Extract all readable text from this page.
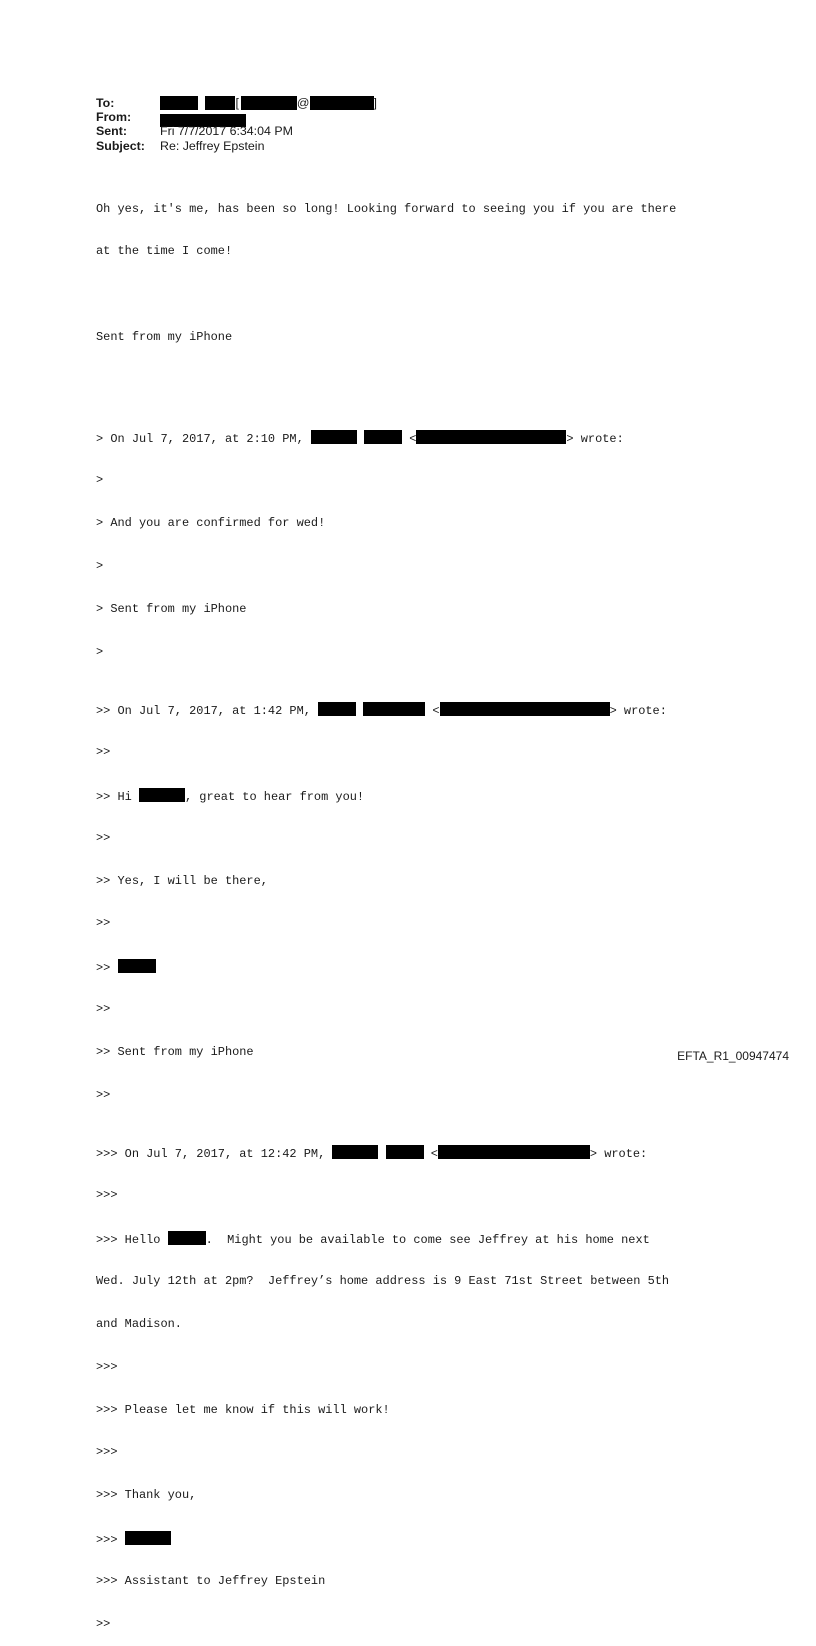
To:	[	@	]
From:
Sent:	Fri 7/7/2017 6:34:04 PM
Subject:	Re: Jeffrey Epstein

Oh yes, it's me, has been so long! Looking forward to seeing you if you are there

at the time I come!

Sent from my iPhone

> On Jul 7, 2017, at 2:10 PM,	<	> wrote:

>

> And you are confirmed for wed!

>

> Sent from my iPhone

>

>> On Jul 7, 2017, at 1:42 PM,	<	> wrote:

>>

>> Hi	, great to hear from you!

>>

>> Yes, I will be there,

>>

>>

>>

>> Sent from my iPhone

>>

>>> On Jul 7, 2017, at 12:42 PM,	<	> wrote:

>>>

>>> Hello	.  Might you be available to come see Jeffrey at his home next

Wed. July 12th at 2pm?  Jeffrey’s home address is 9 East 71st Street between 5th

and Madison.

>>>

>>> Please let me know if this will work!

>>>

>>> Thank you,

>>>

>>> Assistant to Jeffrey Epstein

>>

EFTA_R1_00947474
